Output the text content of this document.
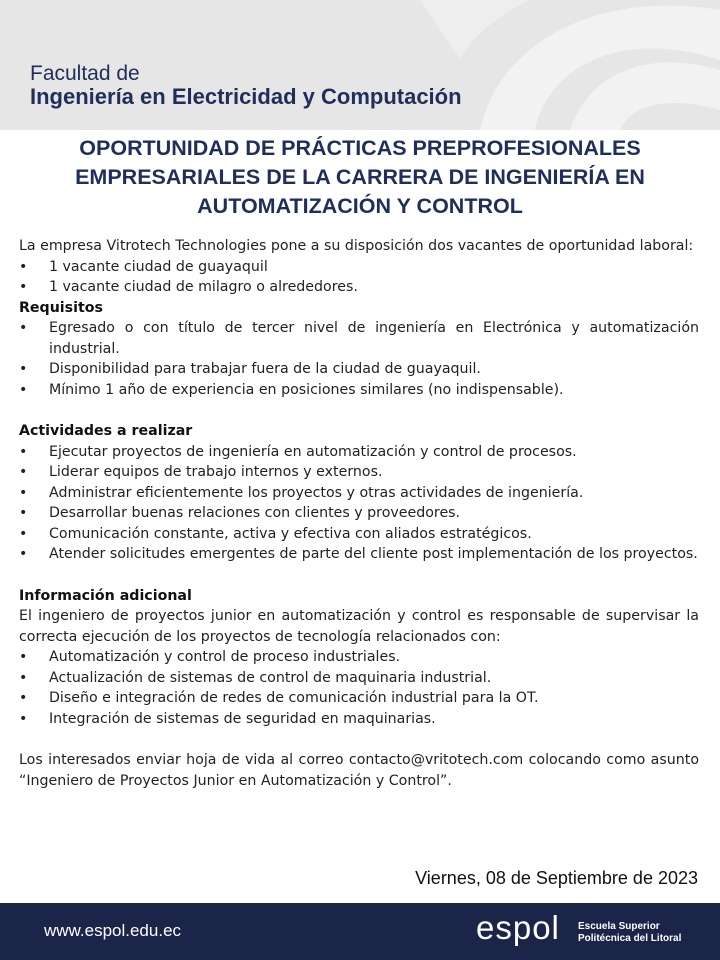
Facultad de
Ingeniería en Electricidad y Computación
OPORTUNIDAD DE PRÁCTICAS PREPROFESIONALES EMPRESARIALES DE LA CARRERA DE INGENIERÍA EN AUTOMATIZACIÓN Y CONTROL

La empresa Vitrotech Technologies pone a su disposición dos vacantes de oportunidad laboral:

• 1 vacante ciudad de guayaquil
• 1 vacante ciudad de milagro o alrededores.
Requisitos
• Egresado o con título de tercer nivel de ingeniería en Electrónica y automatización industrial.
• Disponibilidad para trabajar fuera de la ciudad de guayaquil.
• Mínimo 1 año de experiencia en posiciones similares (no indispensable).
Actividades a realizar
• Ejecutar proyectos de ingeniería en automatización y control de procesos.
• Liderar equipos de trabajo internos y externos.
• Administrar eficientemente los proyectos y otras actividades de ingeniería.
• Desarrollar buenas relaciones con clientes y proveedores.
• Comunicación constante, activa y efectiva con aliados estratégicos.
• Atender solicitudes emergentes de parte del cliente post implementación de los proyectos.
Información adicional

El ingeniero de proyectos junior en automatización y control es responsable de supervisar la correcta ejecución de los proyectos de tecnología relacionados con:

• Automatización y control de proceso industriales.
• Actualización de sistemas de control de maquinaria industrial.
• Diseño e integración de redes de comunicación industrial para la OT.
• Integración de sistemas de seguridad en maquinarias.

Los interesados enviar hoja de vida al correo contacto@vritotech.com colocando como asunto “Ingeniero de Proyectos Junior en Automatización y Control”.

Viernes, 08 de Septiembre de 2023
www.espol.edu.ec	espol Escuela Superior
Politécnica del Litoral
